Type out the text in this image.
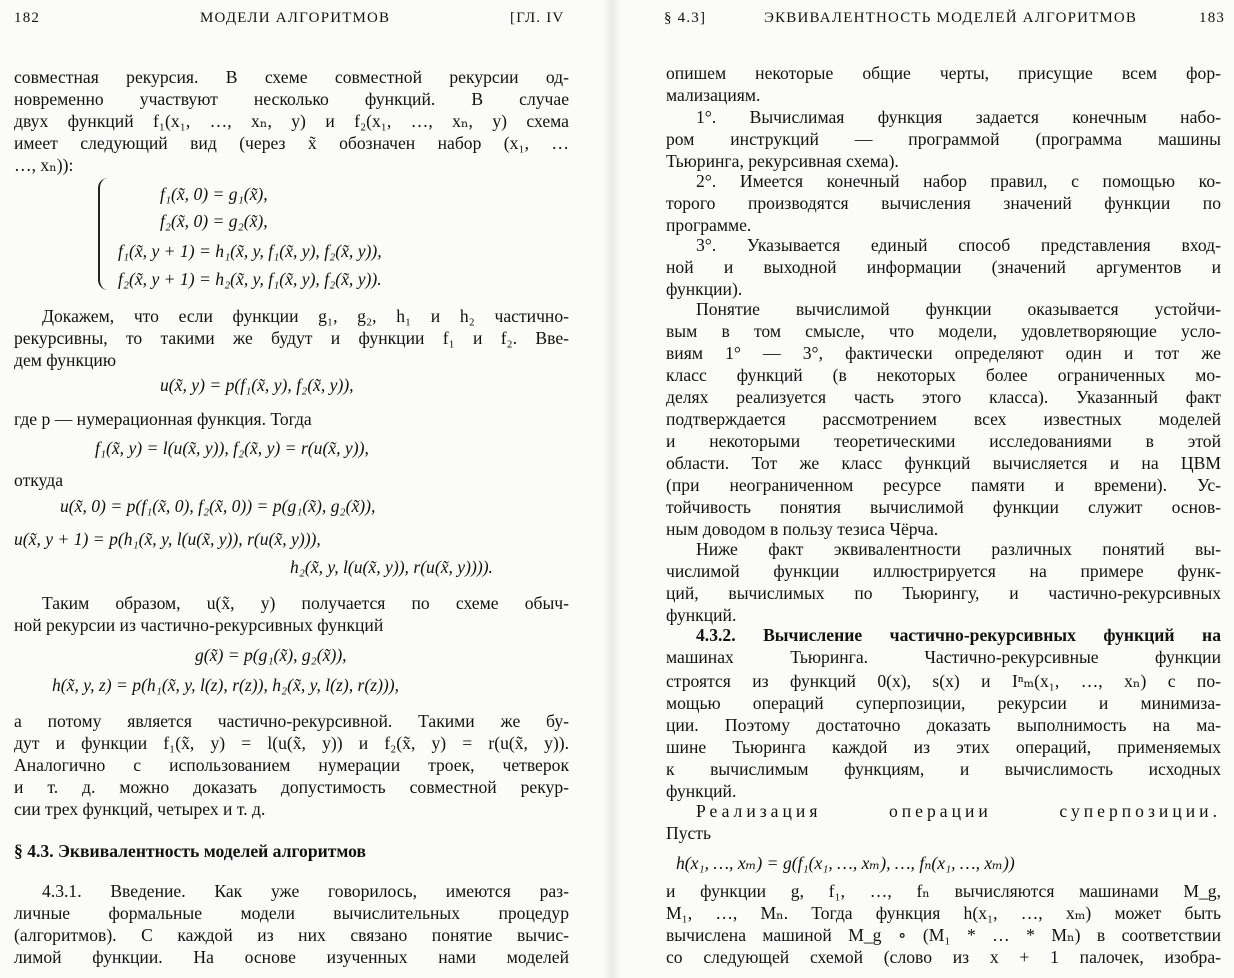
182	МОДЕЛИ АЛГОРИТМОВ	[ГЛ. IV
совместная рекурсия. В схеме совместной рекурсии од-
новременно участвуют несколько функций. В случае
двух функций f₁(x₁, …, xₙ, y) и f₂(x₁, …, xₙ, y) схема
имеет следующий вид (через x̃ обозначен набор (x₁, …
…, xₙ)):
f₁(x̃, 0) = g₁(x̃),
f₂(x̃, 0) = g₂(x̃),
f₁(x̃, y + 1) = h₁(x̃, y, f₁(x̃, y), f₂(x̃, y)),
f₂(x̃, y + 1) = h₂(x̃, y, f₁(x̃, y), f₂(x̃, y)).
Докажем, что если функции g₁, g₂, h₁ и h₂ частично-
рекурсивны, то такими же будут и функции f₁ и f₂. Вве-
дем функцию
u(x̃, y) = p(f₁(x̃, y), f₂(x̃, y)),
где p — нумерационная функция. Тогда
f₁(x̃, y) = l(u(x̃, y)), f₂(x̃, y) = r(u(x̃, y)),
откуда
u(x̃, 0) = p(f₁(x̃, 0), f₂(x̃, 0)) = p(g₁(x̃), g₂(x̃)),
u(x̃, y + 1) = p(h₁(x̃, y, l(u(x̃, y)), r(u(x̃, y))),
h₂(x̃, y, l(u(x̃, y)), r(u(x̃, y)))).
Таким образом, u(x̃, y) получается по схеме обыч-
ной рекурсии из частично-рекурсивных функций
g(x̃) = p(g₁(x̃), g₂(x̃)),
h(x̃, y, z) = p(h₁(x̃, y, l(z), r(z)), h₂(x̃, y, l(z), r(z))),
а потому является частично-рекурсивной. Такими же бу-
дут и функции f₁(x̃, y) = l(u(x̃, y)) и f₂(x̃, y) = r(u(x̃, y)).
Аналогично с использованием нумерации троек, четверок
и т. д. можно доказать допустимость совместной рекур-
сии трех функций, четырех и т. д.
§ 4.3. Эквивалентность моделей алгоритмов
4.3.1. Введение. Как уже говорилось, имеются раз-
личные формальные модели вычислительных процедур
(алгоритмов). С каждой из них связано понятие вычис-
лимой функции. На основе изученных нами моделей
§ 4.3]	ЭКВИВАЛЕНТНОСТЬ МОДЕЛЕЙ АЛГОРИТМОВ	183
опишем некоторые общие черты, присущие всем фор-
мализациям.
1°. Вычислимая функция задается конечным набо-
ром инструкций — программой (программа машины
Тьюринга, рекурсивная схема).
2°. Имеется конечный набор правил, с помощью ко-
торого производятся вычисления значений функции по
программе.
3°. Указывается единый способ представления вход-
ной и выходной информации (значений аргументов и
функции).
Понятие вычислимой функции оказывается устойчи-
вым в том смысле, что модели, удовлетворяющие усло-
виям 1° — 3°, фактически определяют один и тот же
класс функций (в некоторых более ограниченных мо-
делях реализуется часть этого класса). Указанный факт
подтверждается рассмотрением всех известных моделей
и некоторыми теоретическими исследованиями в этой
области. Тот же класс функций вычисляется и на ЦВМ
(при неограниченном ресурсе памяти и времени). Ус-
тойчивость понятия вычислимой функции служит основ-
ным доводом в пользу тезиса Чёрча.
Ниже факт эквивалентности различных понятий вы-
числимой функции иллюстрируется на примере функ-
ций, вычислимых по Тьюрингу, и частично-рекурсивных
функций.
4.3.2. Вычисление частично-рекурсивных функций на
машинах Тьюринга. Частично-рекурсивные функции
строятся из функций 0(x), s(x) и Iⁿₘ(x₁, …, xₙ) с по-
мощью операций суперпозиции, рекурсии и минимиза-
ции. Поэтому достаточно доказать выполнимость на ма-
шине Тьюринга каждой из этих операций, применяемых
к вычислимым функциям, и вычислимость исходных
функций.
Реализация операции суперпозиции.
Пусть
h(x₁, …, xₘ) = g(f₁(x₁, …, xₘ), …, fₙ(x₁, …, xₘ))
и функции g, f₁, …, fₙ вычисляются машинами M_g,
M₁, …, Mₙ. Тогда функция h(x₁, …, xₘ) может быть
вычислена машиной M_g ∘ (M₁ * … * Mₙ) в соответствии
со следующей схемой (слово из x + 1 палочек, изобра-
